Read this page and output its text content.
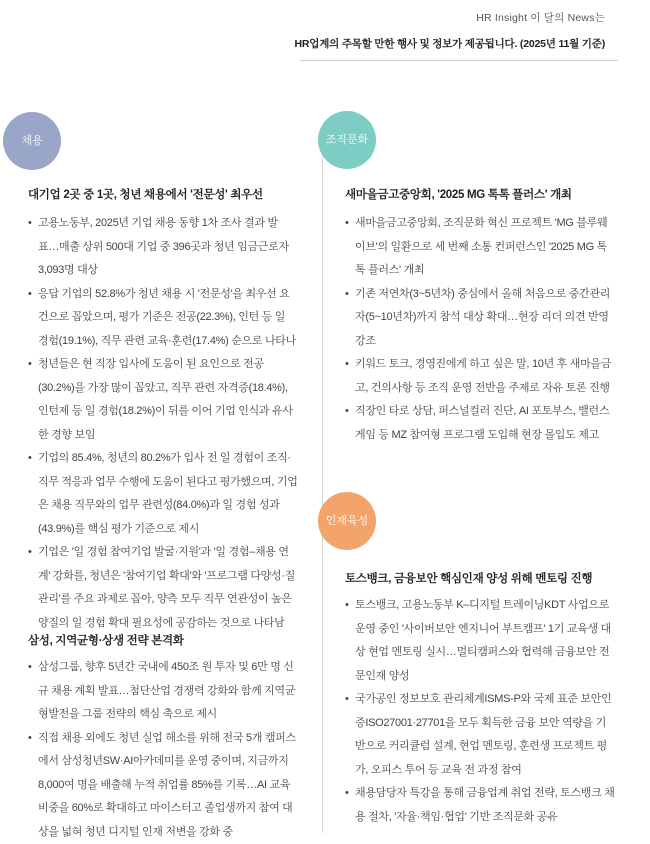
HR Insight 이 달의 News는
HR업계의 주목할 만한 행사 및 정보가 제공됩니다. (2025년 11월 기준)
채용	조직문화
인재육성
대기업 2곳 중 1곳, 청년 채용에서 '전문성' 최우선
• 고용노동부, 2025년 기업 채용 동향 1차 조사 결과 발표…매출 상위 500대 기업 중 396곳과 청년 임금근로자 3,093명 대상
• 응답 기업의 52.8%가 청년 채용 시 '전문성'을 최우선 요건으로 꼽았으며, 평가 기준은 전공(22.3%), 인턴 등 일 경험(19.1%), 직무 관련 교육·훈련(17.4%) 순으로 나타나
• 청년들은 현 직장 입사에 도움이 된 요인으로 전공(30.2%)을 가장 많이 꼽았고, 직무 관련 자격증(18.4%), 인턴제 등 일 경험(18.2%)이 뒤를 이어 기업 인식과 유사한 경향 보임
• 기업의 85.4%, 청년의 80.2%가 입사 전 일 경험이 조직·직무 적응과 업무 수행에 도움이 된다고 평가했으며, 기업은 채용 직무와의 업무 관련성(84.0%)과 일 경험 성과(43.9%)를 핵심 평가 기준으로 제시
• 기업은 '일 경험 참여기업 발굴·지원'과 '일 경험–채용 연계' 강화를, 청년은 '참여기업 확대'와 '프로그램 다양성·질 관리'를 주요 과제로 꼽아, 양측 모두 직무 연관성이 높은 양질의 일 경험 확대 필요성에 공감하는 것으로 나타남
삼성, 지역균형·상생 전략 본격화
• 삼성그룹, 향후 5년간 국내에 450조 원 투자 및 6만 명 신규 채용 계획 발표…첨단산업 경쟁력 강화와 함께 지역균형발전을 그룹 전략의 핵심 축으로 제시
• 직접 채용 외에도 청년 실업 해소를 위해 전국 5개 캠퍼스에서 삼성청년SW·AI아카데미를 운영 중이며, 지금까지 8,000여 명을 배출해 누적 취업률 85%를 기록…AI 교육 비중을 60%로 확대하고 마이스터고 졸업생까지 참여 대상을 넓혀 청년 디지털 인재 저변을 강화 중
새마을금고중앙회, '2025 MG 톡톡 플러스' 개최
• 새마을금고중앙회, 조직문화 혁신 프로젝트 'MG 블루웨이브'의 일환으로 세 번째 소통 컨퍼런스인 '2025 MG 톡톡 플러스' 개최
• 기존 저연차(3~5년차) 중심에서 올해 처음으로 중간관리자(5~10년차)까지 참석 대상 확대…현장 리더 의견 반영 강조
• 키워드 토크, 경영진에게 하고 싶은 말, 10년 후 새마을금고, 건의사항 등 조직 운영 전반을 주제로 자유 토론 진행
• 직장인 타로 상담, 퍼스널컬러 진단, AI 포토부스, 밸런스게임 등 MZ 참여형 프로그램 도입해 현장 몰입도 제고
토스뱅크, 금융보안 핵심인재 양성 위해 멘토링 진행
• 토스뱅크, 고용노동부 K–디지털 트레이닝KDT 사업으로 운영 중인 '사이버보안 엔지니어 부트캠프' 1기 교육생 대상 현업 멘토링 실시…멀티캠퍼스와 협력해 금융보안 전문인재 양성
• 국가공인 정보보호 관리체계ISMS-P와 국제 표준 보안인증ISO27001·27701을 모두 획득한 금융 보안 역량을 기반으로 커리큘럼 설계, 현업 멘토링, 훈련생 프로젝트 평가, 오피스 투어 등 교육 전 과정 참여
• 채용담당자 특강을 통해 금융업계 취업 전략, 토스뱅크 채용 절차, '자율·책임·협업' 기반 조직문화 공유
